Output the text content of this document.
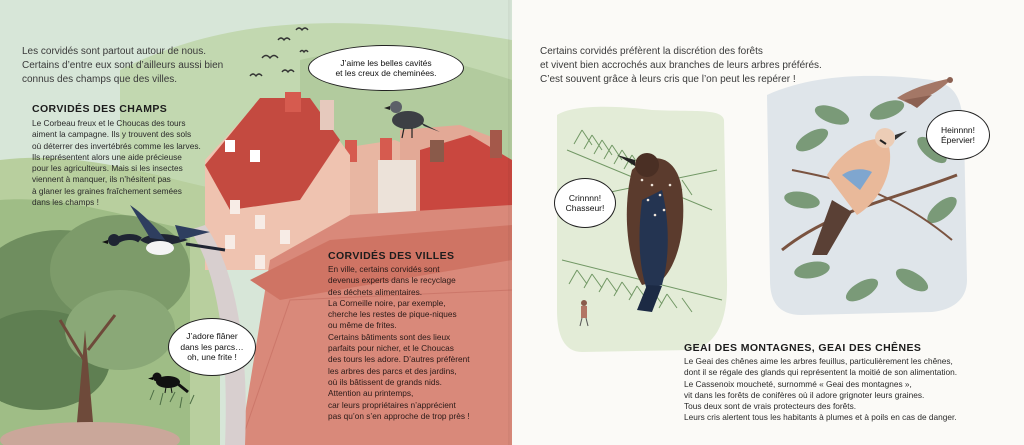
Les corvidés sont partout autour de nous.
Certains d’entre eux sont d’ailleurs aussi bien
connus des champs que des villes.
CORVIDÉS DES CHAMPS
Le Corbeau freux et le Choucas des tours
aiment la campagne. Ils y trouvent des sols
où déterrer des invertébrés comme les larves.
Ils représentent alors une aide précieuse
pour les agriculteurs. Mais si les insectes
viennent à manquer, ils n’hésitent pas
à glaner les graines fraîchement semées
dans les champs !
CORVIDÉS DES VILLES
En ville, certains corvidés sont
devenus experts dans le recyclage
des déchets alimentaires.
La Corneille noire, par exemple,
cherche les restes de pique-niques
ou même de frites.
Certains bâtiments sont des lieux
parfaits pour nicher, et le Choucas
des tours les adore. D’autres préfèrent
les arbres des parcs et des jardins,
où ils bâtissent de grands nids.
Attention au printemps,
car leurs propriétaires n’apprécient
pas qu’on s’en approche de trop près !
J’aime les belles cavités
et les creux de cheminées.
J’adore flâner
dans les parcs…
oh, une frite !
Certains corvidés préfèrent la discrétion des forêts
et vivent bien accrochés aux branches de leurs arbres préférés.
C’est souvent grâce à leurs cris que l’on peut les repérer !
Crinnnn!
Chasseur!
Heinnnn!
Épervier!
GEAI DES MONTAGNES, GEAI DES CHÊNES
Le Geai des chênes aime les arbres feuillus, particulièrement les chênes,
dont il se régale des glands qui représentent la moitié de son alimentation.
Le Cassenoix moucheté, surnommé « Geai des montagnes »,
vit dans les forêts de conifères où il adore grignoter leurs graines.
Tous deux sont de vrais protecteurs des forêts.
Leurs cris alertent tous les habitants à plumes et à poils en cas de danger.
